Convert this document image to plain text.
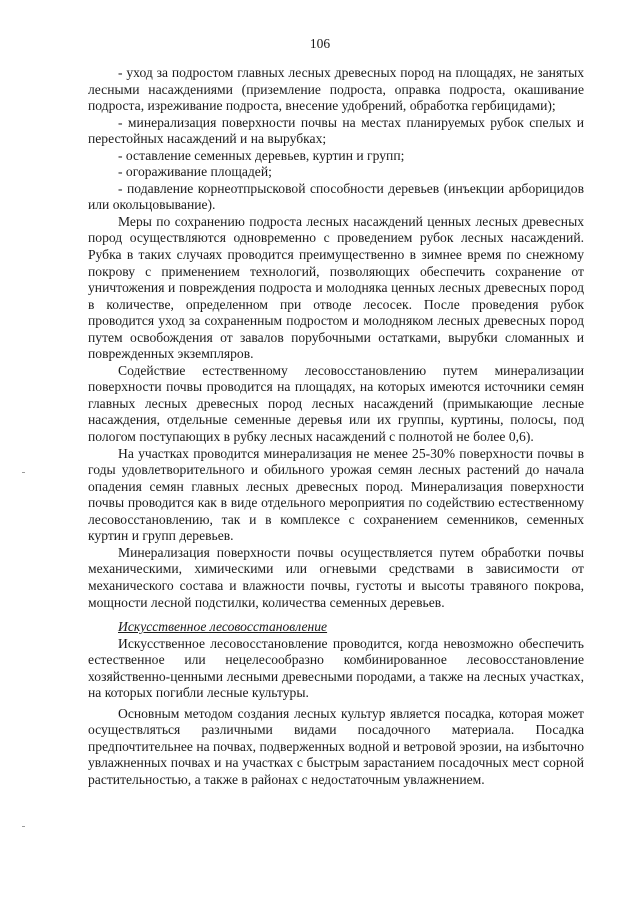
106

- уход за подростом главных лесных древесных пород на площадях, не занятых лесными насаждениями (приземление подроста, оправка подроста, окашивание подроста, изреживание подроста, внесение удобрений, обработка гербицидами);

- минерализация поверхности почвы на местах планируемых рубок спелых и перестойных насаждений и на вырубках;

- оставление семенных деревьев, куртин и групп;

- огораживание площадей;

- подавление корнеотпрысковой способности деревьев (инъекции арборицидов или окольцовывание).

Меры по сохранению подроста лесных насаждений ценных лесных древесных пород осуществляются одновременно с проведением рубок лесных насаждений. Рубка в таких случаях проводится преимущественно в зимнее время по снежному покрову с применением технологий, позволяющих обеспечить сохранение от уничтожения и повреждения подроста и молодняка ценных лесных древесных пород в количестве, определенном при отводе лесосек. После проведения рубок проводится уход за сохраненным подростом и молодняком лесных древесных пород путем освобождения от завалов порубочными остатками, вырубки сломанных и поврежденных экземпляров.

Содействие естественному лесовосстановлению путем минерализации поверхности почвы проводится на площадях, на которых имеются источники семян главных лесных древесных пород лесных насаждений (примыкающие лесные насаждения, отдельные семенные деревья или их группы, куртины, полосы, под пологом поступающих в рубку лесных насаждений с полнотой не более 0,6).

На участках проводится минерализация не менее 25-30% поверхности почвы в годы удовлетворительного и обильного урожая семян лесных растений до начала опадения семян главных лесных древесных пород. Минерализация поверхности почвы проводится как в виде отдельного мероприятия по содействию естественному лесовосстановлению, так и в комплексе с сохранением семенников, семенных куртин и групп деревьев.

Минерализация поверхности почвы осуществляется путем обработки почвы механическими, химическими или огневыми средствами в зависимости от механического состава и влажности почвы, густоты и высоты травяного покрова, мощности лесной подстилки, количества семенных деревьев.

Искусственное лесовосстановление

Искусственное лесовосстановление проводится, когда невозможно обеспечить естественное или нецелесообразно комбинированное лесовосстановление хозяйственно-ценными лесными древесными породами, а также на лесных участках, на которых погибли лесные культуры.

Основным методом создания лесных культур является посадка, которая может осуществляться различными видами посадочного материала. Посадка предпочтительнее на почвах, подверженных водной и ветровой эрозии, на избыточно увлажненных почвах и на участках с быстрым зарастанием посадочных мест сорной растительностью, а также в районах с недостаточным увлажнением.
